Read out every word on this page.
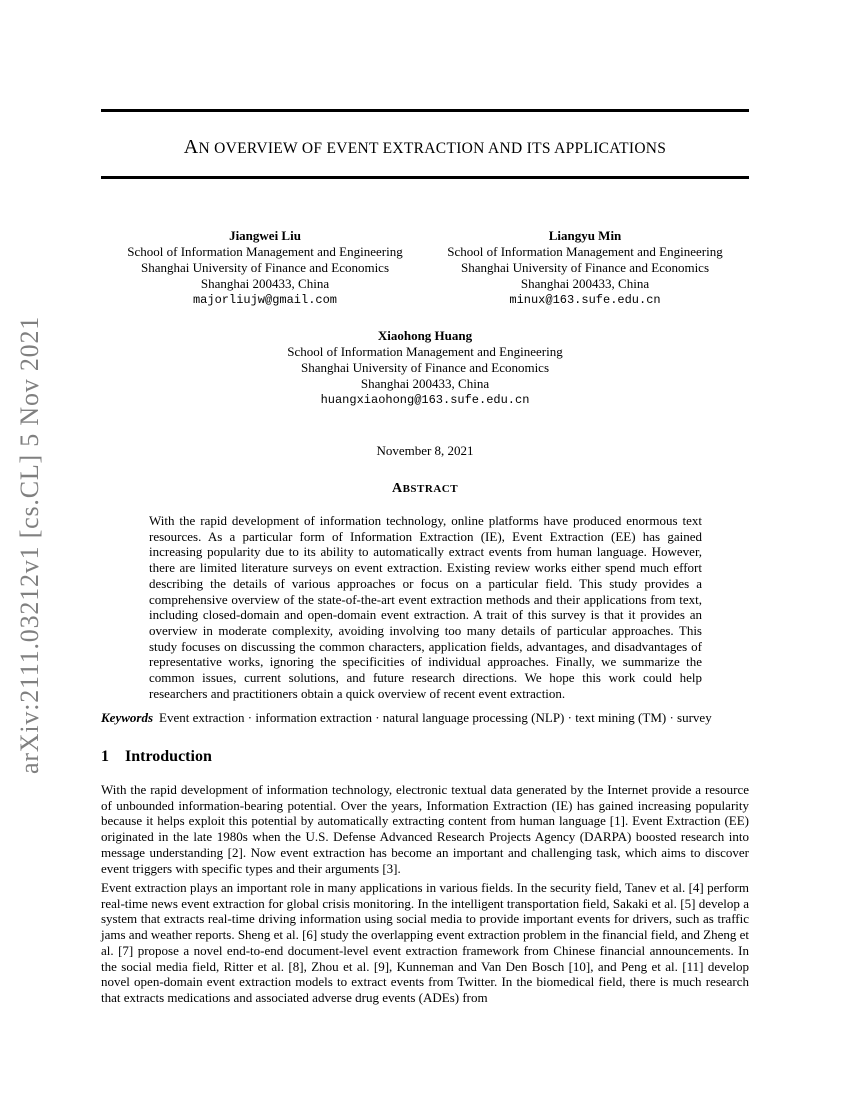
arXiv:2111.03212v1 [cs.CL] 5 Nov 2021
AN OVERVIEW OF EVENT EXTRACTION AND ITS APPLICATIONS
Jiangwei Liu
School of Information Management and Engineering
Shanghai University of Finance and Economics
Shanghai 200433, China
majorliujw@gmail.com
Liangyu Min
School of Information Management and Engineering
Shanghai University of Finance and Economics
Shanghai 200433, China
minux@163.sufe.edu.cn
Xiaohong Huang
School of Information Management and Engineering
Shanghai University of Finance and Economics
Shanghai 200433, China
huangxiaohong@163.sufe.edu.cn
November 8, 2021
ABSTRACT

With the rapid development of information technology, online platforms have produced enormous text resources. As a particular form of Information Extraction (IE), Event Extraction (EE) has gained increasing popularity due to its ability to automatically extract events from human language. However, there are limited literature surveys on event extraction. Existing review works either spend much effort describing the details of various approaches or focus on a particular field. This study provides a comprehensive overview of the state-of-the-art event extraction methods and their applications from text, including closed-domain and open-domain event extraction. A trait of this survey is that it provides an overview in moderate complexity, avoiding involving too many details of particular approaches. This study focuses on discussing the common characters, application fields, advantages, and disadvantages of representative works, ignoring the specificities of individual approaches. Finally, we summarize the common issues, current solutions, and future research directions. We hope this work could help researchers and practitioners obtain a quick overview of recent event extraction.

Keywords Event extraction · information extraction · natural language processing (NLP) · text mining (TM) · survey
1 Introduction

With the rapid development of information technology, electronic textual data generated by the Internet provide a resource of unbounded information-bearing potential. Over the years, Information Extraction (IE) has gained increasing popularity because it helps exploit this potential by automatically extracting content from human language [1]. Event Extraction (EE) originated in the late 1980s when the U.S. Defense Advanced Research Projects Agency (DARPA) boosted research into message understanding [2]. Now event extraction has become an important and challenging task, which aims to discover event triggers with specific types and their arguments [3].

Event extraction plays an important role in many applications in various fields. In the security field, Tanev et al. [4] perform real-time news event extraction for global crisis monitoring. In the intelligent transportation field, Sakaki et al. [5] develop a system that extracts real-time driving information using social media to provide important events for drivers, such as traffic jams and weather reports. Sheng et al. [6] study the overlapping event extraction problem in the financial field, and Zheng et al. [7] propose a novel end-to-end document-level event extraction framework from Chinese financial announcements. In the social media field, Ritter et al. [8], Zhou et al. [9], Kunneman and Van Den Bosch [10], and Peng et al. [11] develop novel open-domain event extraction models to extract events from Twitter. In the biomedical field, there is much research that extracts medications and associated adverse drug events (ADEs) from
